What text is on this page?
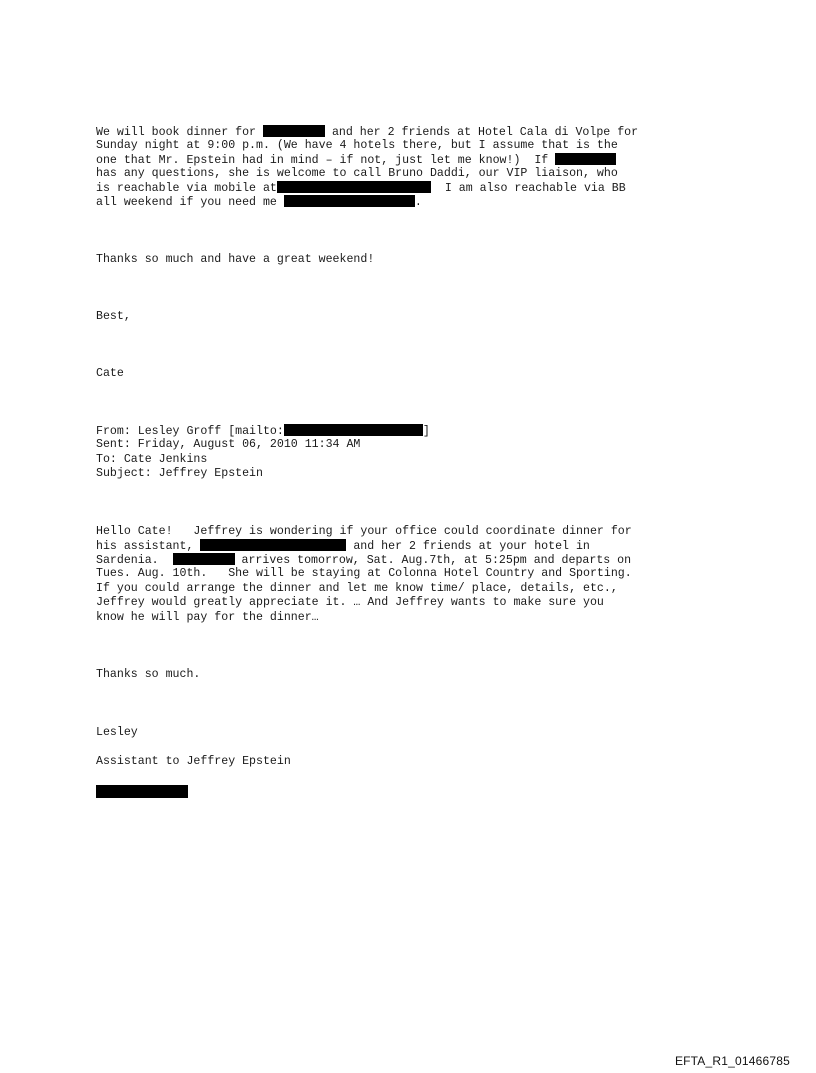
We will book dinner for	and her 2 friends at Hotel Cala di Volpe for
Sunday night at 9:00 p.m. (We have 4 hotels there, but I assume that is the
one that Mr. Epstein had in mind – if not, just let me know!)  If
has any questions, she is welcome to call Bruno Daddi, our VIP liaison, who
is reachable via mobile at	I am also reachable via BB
all weekend if you need me	.
Thanks so much and have a great weekend!
Best,
Cate
From: Lesley Groff [mailto:	]
Sent: Friday, August 06, 2010 11:34 AM
To: Cate Jenkins
Subject: Jeffrey Epstein
Hello Cate!   Jeffrey is wondering if your office could coordinate dinner for
his assistant,	and her 2 friends at your hotel in
Sardenia.	arrives tomorrow, Sat. Aug.7th, at 5:25pm and departs on
Tues. Aug. 10th.   She will be staying at Colonna Hotel Country and Sporting.
If you could arrange the dinner and let me know time/ place, details, etc.,
Jeffrey would greatly appreciate it. … And Jeffrey wants to make sure you
know he will pay for the dinner…
Thanks so much.
Lesley
Assistant to Jeffrey Epstein
EFTA_R1_01466785
